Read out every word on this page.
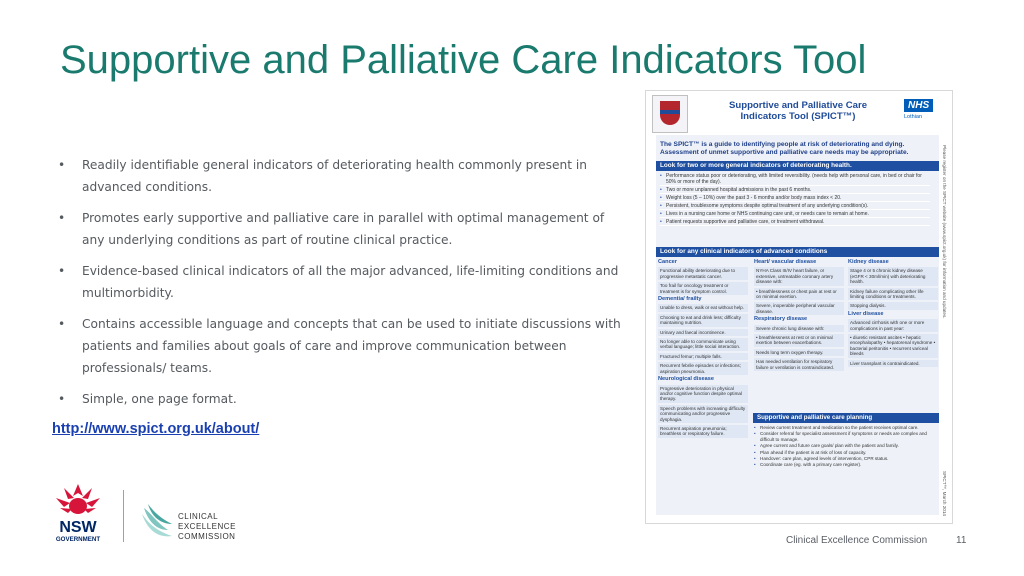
Supportive and Palliative Care Indicators Tool
• Readily identifiable general indicators of deteriorating health commonly present in advanced conditions.
• Promotes early supportive and palliative care in parallel with optimal management of any underlying conditions as part of routine clinical practice.
• Evidence-based clinical indicators of all the major advanced, life-limiting conditions and multimorbidity.
• Contains accessible language and concepts that can be used to initiate discussions with patients and families about goals of care and improve communication between professionals/ teams.
• Simple, one page format.
http://www.spict.org.uk/about/
Supportive and Palliative Care
Indicators Tool (SPICT™)
NHS
Lothian
The SPICT™ is a guide to identifying people at risk of deteriorating and dying. Assessment of unmet supportive and palliative care needs may be appropriate.
Look for two or more general indicators of deteriorating health.
• Performance status poor or deteriorating, with limited reversibility. (needs help with personal care, in bed or chair for 50% or more of the day).
• Two or more unplanned hospital admissions in the past 6 months.
• Weight loss (5 – 10%) over the past 3 - 6 months and/or body mass index < 20.
• Persistent, troublesome symptoms despite optimal treatment of any underlying condition(s).
• Lives in a nursing care home or NHS continuing care unit, or needs care to remain at home.
• Patient requests supportive and palliative care, or treatment withdrawal.
Look for any clinical indicators of advanced conditions
Cancer
Functional ability deteriorating due to progressive metastatic cancer.
Too frail for oncology treatment or treatment is for symptom control.
Dementia/ frailty
Unable to dress, walk or eat without help.
Choosing to eat and drink less; difficulty maintaining nutrition.
Urinary and faecal incontinence.
No longer able to communicate using verbal language; little social interaction.
Fractured femur; multiple falls.
Recurrent febrile episodes or infections; aspiration pneumonia.
Neurological disease
Progressive deterioration in physical and/or cognitive function despite optimal therapy.
Speech problems with increasing difficulty communicating and/or progressive dysphagia.
Recurrent aspiration pneumonia; breathless or respiratory failure.
Heart/ vascular disease
NYHA Class III/IV heart failure, or extensive, untreatable coronary artery disease with:
• breathlessness or chest pain at rest or on minimal exertion.
Severe, inoperable peripheral vascular disease.
Respiratory disease
Severe chronic lung disease with:
• breathlessness at rest or on minimal exertion between exacerbations.
Needs long term oxygen therapy.
Has needed ventilation for respiratory failure or ventilation is contraindicated.
Kidney disease
Stage 4 or 5 chronic kidney disease (eGFR < 30ml/min) with deteriorating health.
Kidney failure complicating other life limiting conditions or treatments.
Stopping dialysis.
Liver disease
Advanced cirrhosis with one or more complications in past year:
• diuretic resistant ascites • hepatic encephalopathy • hepatorenal syndrome • bacterial peritonitis • recurrent variceal bleeds
Liver transplant is contraindicated.
Supportive and palliative care planning
• Review current treatment and medication so the patient receives optimal care.
• Consider referral for specialist assessment if symptoms or needs are complex and difficult to manage.
• Agree current and future care goals/ plan with the patient and family.
• Plan ahead if the patient is at risk of loss of capacity.
• Handover: care plan, agreed levels of intervention, CPR status.
• Coordinate care (eg. with a primary care register).
Please register on the SPICT website (www.spict.org.uk) for information and updates.
SPICT™, March 2014
NSW
GOVERNMENT
CLINICAL
EXCELLENCE
COMMISSION	Clinical Excellence Commission	11
